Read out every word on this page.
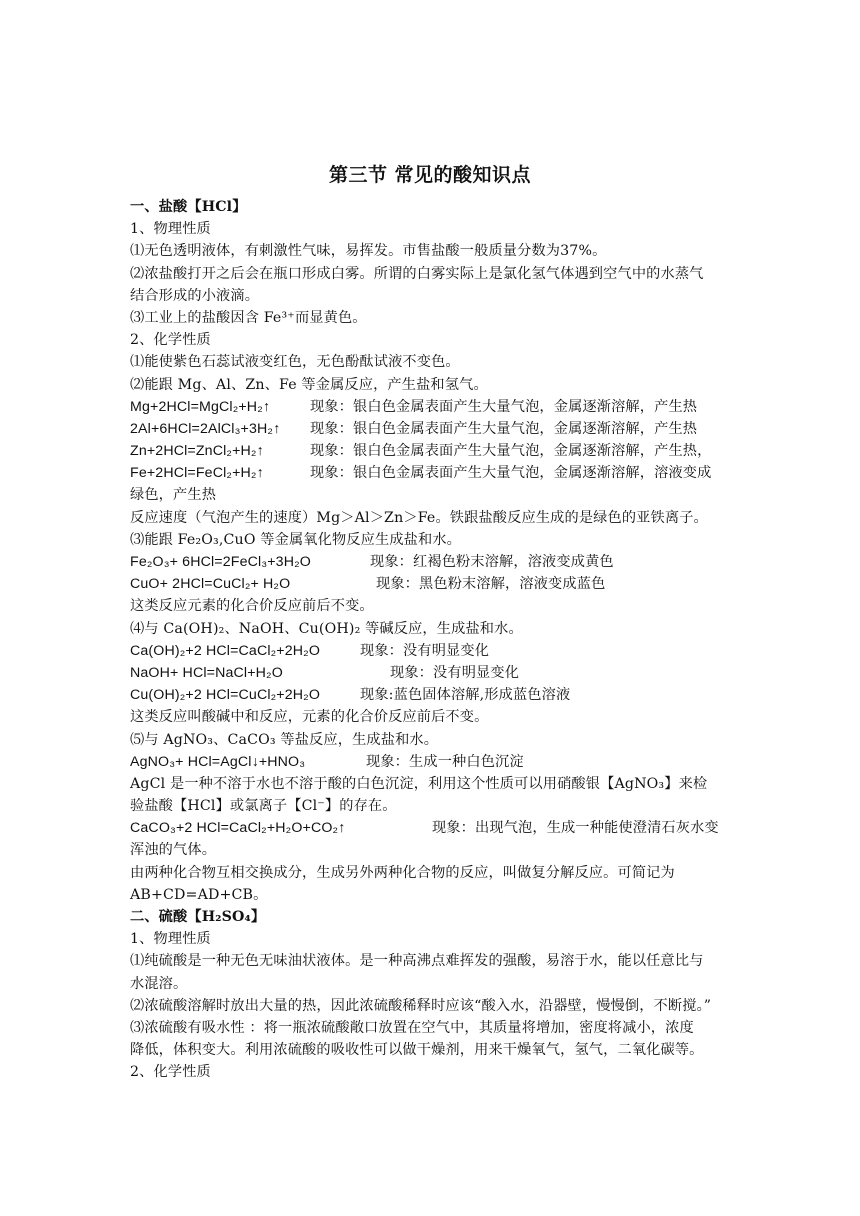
第三节 常见的酸知识点
一、盐酸【HCl】
1、物理性质
⑴无色透明液体，有刺激性气味，易挥发。市售盐酸一般质量分数为37%。
⑵浓盐酸打开之后会在瓶口形成白雾。所谓的白雾实际上是氯化氢气体遇到空气中的水蒸气
结合形成的小液滴。
⑶工业上的盐酸因含 Fe³⁺而显黄色。
2、化学性质
⑴能使紫色石蕊试液变红色，无色酚酞试液不变色。
⑵能跟 Mg、Al、Zn、Fe 等金属反应，产生盐和氢气。
Mg+2HCl=MgCl₂+H₂↑	现象：银白色金属表面产生大量气泡，金属逐渐溶解，产生热
2Al+6HCl=2AlCl₃+3H₂↑ 现象：银白色金属表面产生大量气泡，金属逐渐溶解，产生热
Zn+2HCl=ZnCl₂+H₂↑	现象：银白色金属表面产生大量气泡，金属逐渐溶解，产生热，
Fe+2HCl=FeCl₂+H₂↑	现象：银白色金属表面产生大量气泡，金属逐渐溶解，溶液变成
绿色，产生热
反应速度（气泡产生的速度）Mg＞Al＞Zn＞Fe。铁跟盐酸反应生成的是绿色的亚铁离子。
⑶能跟 Fe₂O₃,CuO 等金属氧化物反应生成盐和水。
Fe₂O₃+ 6HCl=2FeCl₃+3H₂O	现象：红褐色粉末溶解，溶液变成黄色
CuO+ 2HCl=CuCl₂+ H₂O	现象：黑色粉末溶解，溶液变成蓝色
这类反应元素的化合价反应前后不变。
⑷与 Ca(OH)₂、NaOH、Cu(OH)₂ 等碱反应，生成盐和水。
Ca(OH)₂+2 HCl=CaCl₂+2H₂O	现象：没有明显变化
NaOH+ HCl=NaCl+H₂O	现象：没有明显变化
Cu(OH)₂+2 HCl=CuCl₂+2H₂O	现象:蓝色固体溶解,形成蓝色溶液
这类反应叫酸碱中和反应，元素的化合价反应前后不变。
⑸与 AgNO₃、CaCO₃ 等盐反应，生成盐和水。
AgNO₃+ HCl=AgCl↓+HNO₃	现象：生成一种白色沉淀
AgCl 是一种不溶于水也不溶于酸的白色沉淀，利用这个性质可以用硝酸银【AgNO₃】来检
验盐酸【HCl】或氯离子【Cl⁻】的存在。
CaCO₃+2 HCl=CaCl₂+H₂O+CO₂↑	现象：出现气泡，生成一种能使澄清石灰水变
浑浊的气体。
由两种化合物互相交换成分，生成另外两种化合物的反应，叫做复分解反应。可简记为
AB+CD=AD+CB。
二、硫酸【H₂SO₄】
1、物理性质
⑴纯硫酸是一种无色无味油状液体。是一种高沸点难挥发的强酸，易溶于水，能以任意比与
水混溶。
⑵浓硫酸溶解时放出大量的热，因此浓硫酸稀释时应该“酸入水，沿器壁，慢慢倒，不断搅。”
⑶浓硫酸有吸水性 ：将一瓶浓硫酸敞口放置在空气中，其质量将增加，密度将减小，浓度
降低，体积变大。利用浓硫酸的吸收性可以做干燥剂，用来干燥氧气，氢气，二氧化碳等。
2、化学性质
